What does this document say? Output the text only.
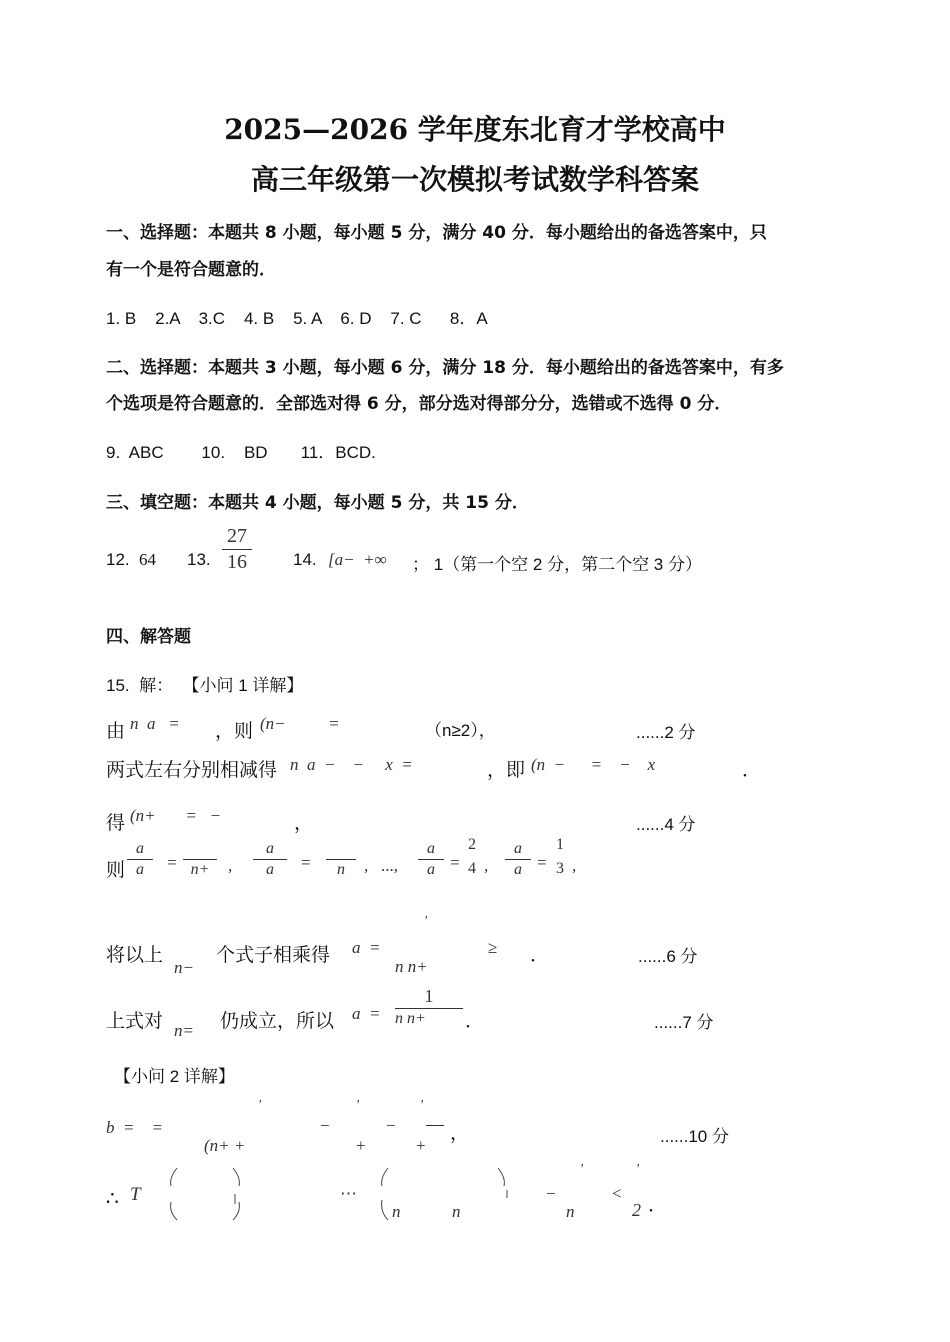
2025—2026 学年度东北育才学校高中
高三年级第一次模拟考试数学科答案
一、选择题：本题共 8 小题，每小题 5 分，满分 40 分．每小题给出的备选答案中，只
有一个是符合题意的．
1. B    2.A    3.C    4. B    5. A    6. D    7. C      8．A
二、选择题：本题共 3 小题，每小题 6 分，满分 18 分．每小题给出的备选答案中，有多
个选项是符合题意的．全部选对得 6 分，部分选对得部分分，选错或不选得 0 分．
9.  ABC        10.    BD       11．BCD.
三、填空题：本题共 4 小题，每小题 5 分，共 15 分．
12. 64 13.
27
16	14. [a−  +∞ ； 1（第一个空 2 分，第二个空 3 分）
四、解答题
15.  解：  【小问 1 详解】
由 n  a   = ，则 (n−          =	（n≥2），	......2 分
两式左右分别相减得 n  a  −    −     x  =	，即 (n  −      =    −    x	．
得 (n+       =   −	，	......4 分
则
a
a	=
n+	,
a
a	=
	n	, ...,
a
a =
2
4 ,
a
a =
1
3 ,
将以上
n−
个式子相乘得 a  =
'
n n+
≥ ．	......6 分
上式对 n= 仍成立，所以 a  =
1
n n+	．	......7 分
【小问 2 详解】
b  =    =
'
(n+ +
−
'
+
−
'
+
，	......10 分
∴ T	⋯
n	n
−
'
n
<
'
2 ．
